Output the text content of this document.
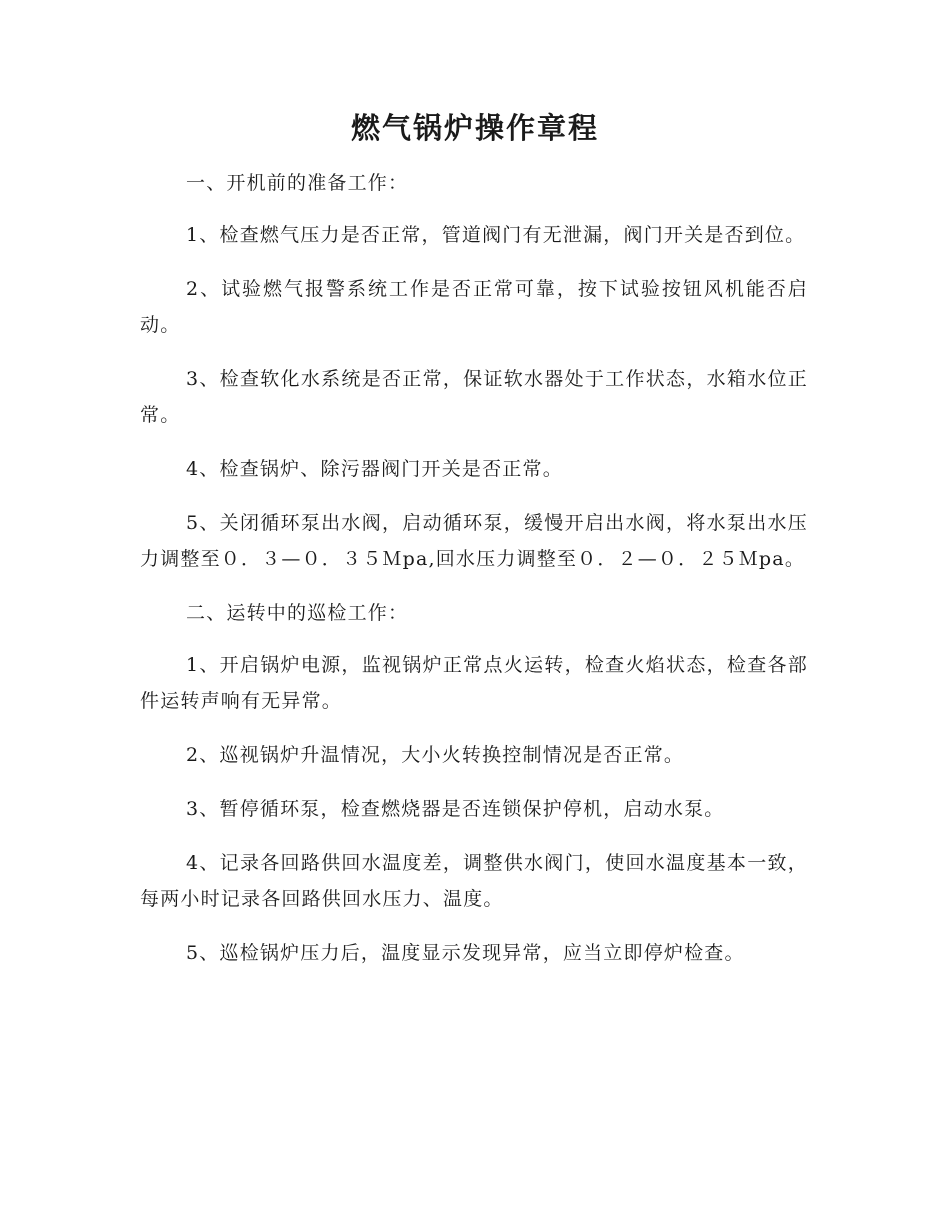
燃气锅炉操作章程

一、开机前的准备工作：

1、检查燃气压力是否正常，管道阀门有无泄漏，阀门开关是否到位。

2、试验燃气报警系统工作是否正常可靠，按下试验按钮风机能否启动。

3、检查软化水系统是否正常，保证软水器处于工作状态，水箱水位正常。

4、检查锅炉、除污器阀门开关是否正常。

5、关闭循环泵出水阀，启动循环泵，缓慢开启出水阀，将水泵出水压力调整至０．３—０．３５Ｍpa,回水压力调整至０．２—０．２５Ｍpa。

二、运转中的巡检工作：

1、开启锅炉电源，监视锅炉正常点火运转，检查火焰状态，检查各部件运转声响有无异常。

2、巡视锅炉升温情况，大小火转换控制情况是否正常。

3、暂停循环泵，检查燃烧器是否连锁保护停机，启动水泵。

4、记录各回路供回水温度差，调整供水阀门，使回水温度基本一致，每两小时记录各回路供回水压力、温度。

5、巡检锅炉压力后，温度显示发现异常，应当立即停炉检查。
